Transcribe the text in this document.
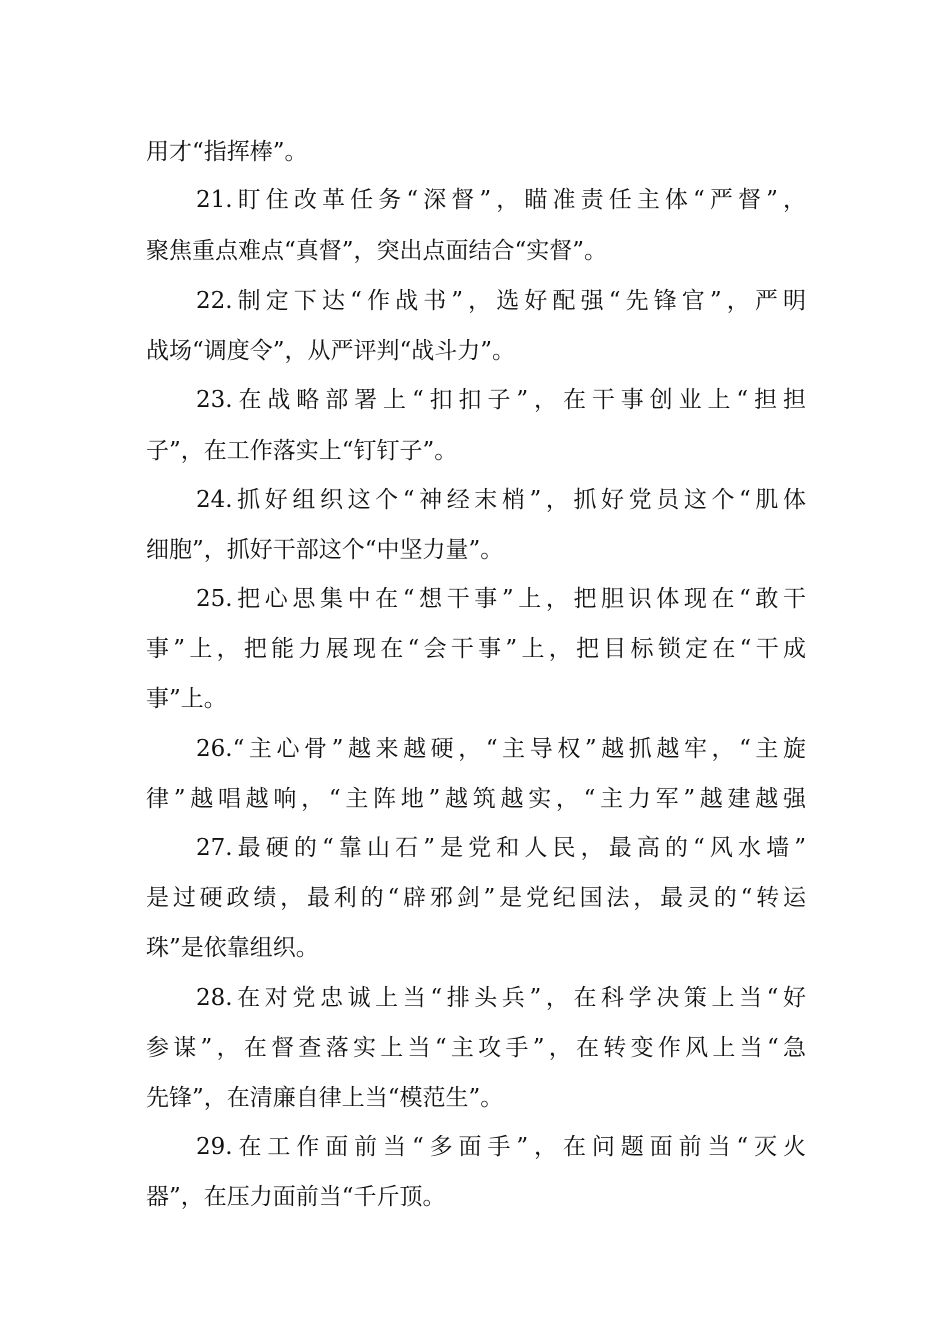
用才“指挥棒”。
21.盯住改革任务“深督”，瞄准责任主体“严督”，
聚焦重点难点“真督”，突出点面结合“实督”。
22.制定下达“作战书”，选好配强“先锋官”，严明
战场“调度令”，从严评判“战斗力”。
23.在战略部署上“扣扣子”，在干事创业上“担担
子”，在工作落实上“钉钉子”。
24.抓好组织这个“神经末梢”，抓好党员这个“肌体
细胞”，抓好干部这个“中坚力量”。
25.把心思集中在“想干事”上，把胆识体现在“敢干
事”上，把能力展现在“会干事”上，把目标锁定在“干成
事”上。
26.“主心骨”越来越硬，“主导权”越抓越牢，“主旋
律”越唱越响，“主阵地”越筑越实，“主力军”越建越强
27.最硬的“靠山石”是党和人民，最高的“风水墙”
是过硬政绩，最利的“辟邪剑”是党纪国法，最灵的“转运
珠”是依靠组织。
28.在对党忠诚上当“排头兵”，在科学决策上当“好
参谋”，在督查落实上当“主攻手”，在转变作风上当“急
先锋”，在清廉自律上当“模范生”。
29.在工作面前当“多面手”，在问题面前当“灭火
器”，在压力面前当“千斤顶。
